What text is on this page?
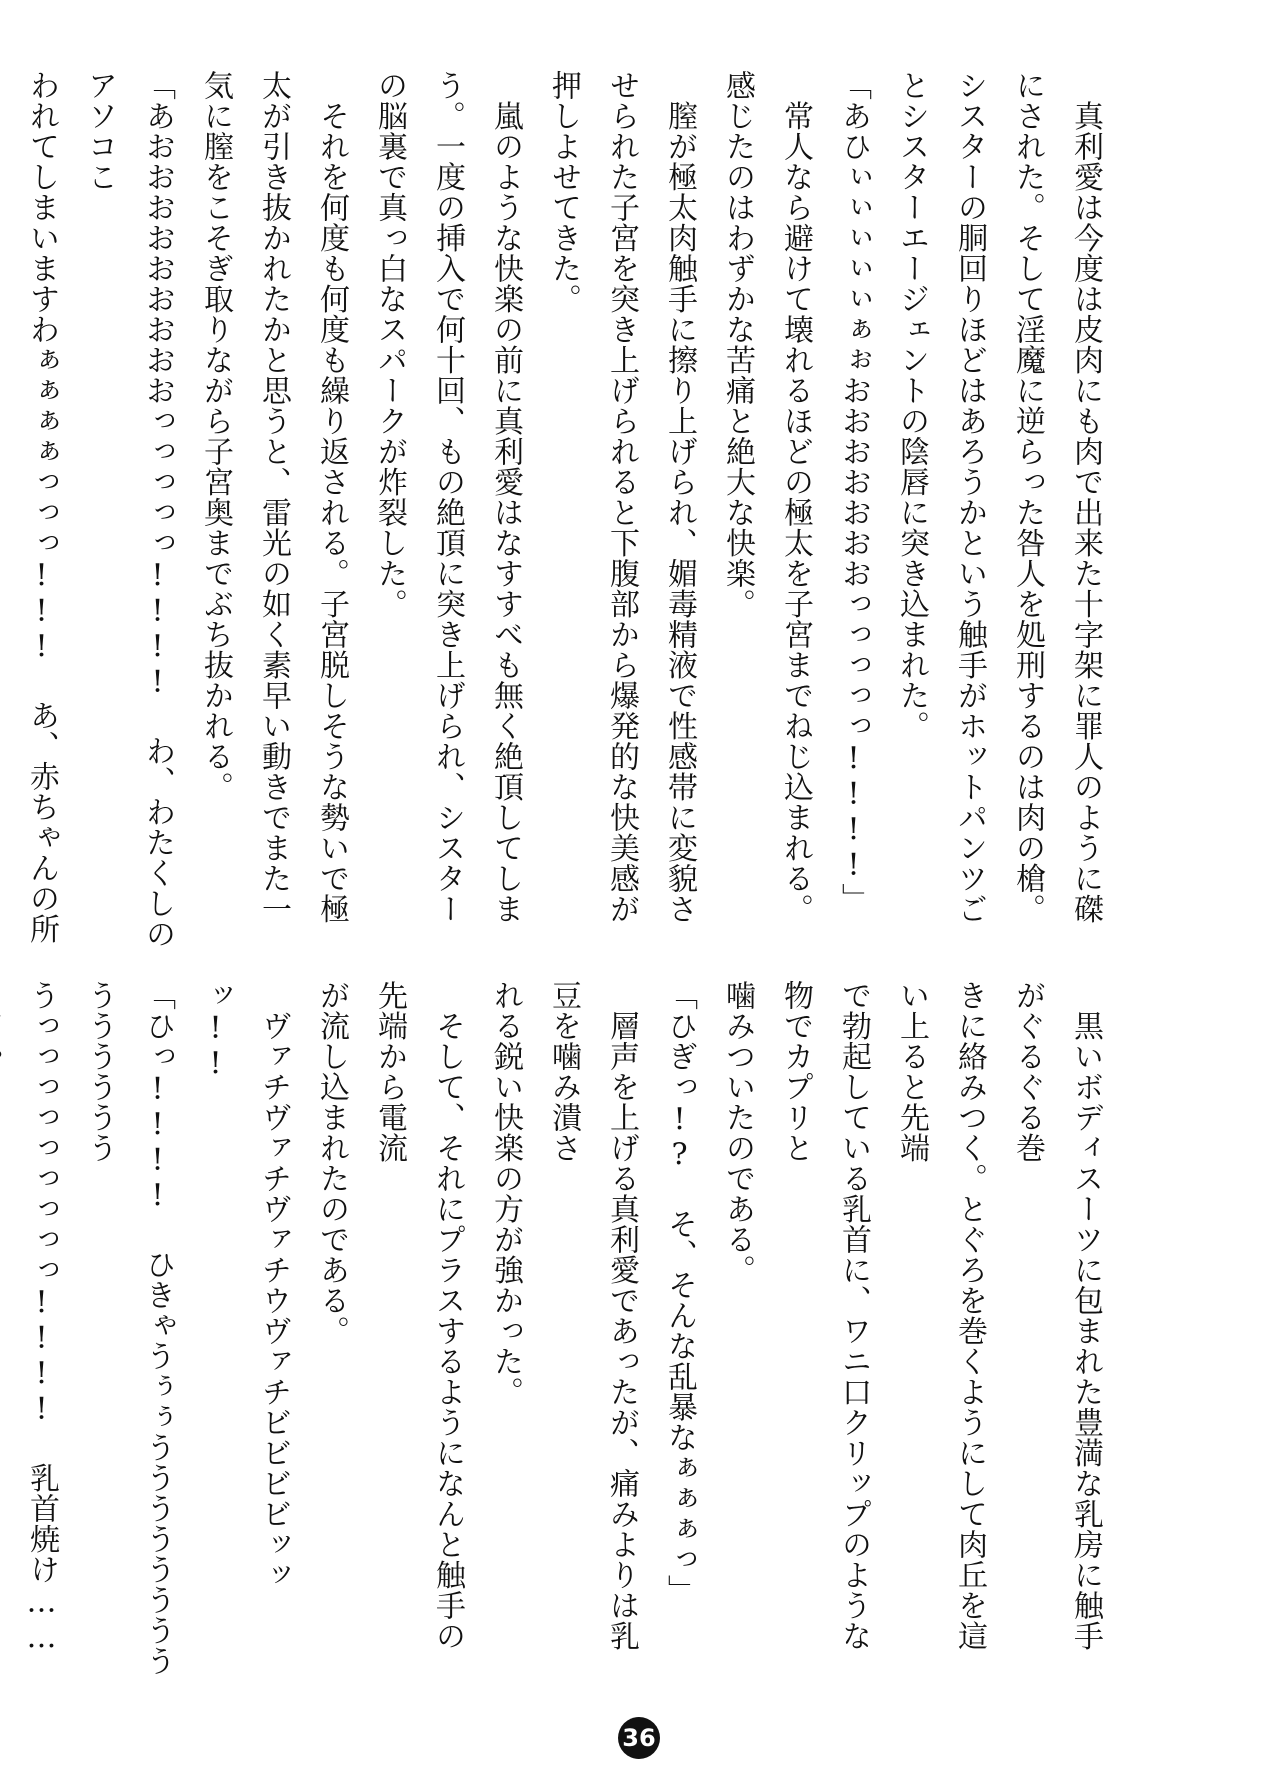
　真利愛は今度は皮肉にも肉で出来た十字架に罪人のように磔
にされた。そして淫魔に逆らった咎人を処刑するのは肉の槍。
シスターの胴回りほどはあろうかという触手がホットパンツご
とシスターエージェントの陰唇に突き込まれた。
「あひぃぃぃぃぃぁぉおおおおおおおっっっっっ!!!!」
　常人なら避けて壊れるほどの極太を子宮までねじ込まれる。
感じたのはわずかな苦痛と絶大な快楽。
　膣が極太肉触手に擦り上げられ、媚毒精液で性感帯に変貌さ
せられた子宮を突き上げられると下腹部から爆発的な快美感が
押しよせてきた。
　嵐のような快楽の前に真利愛はなすすべも無く絶頂してしま
う。一度の挿入で何十回、もの絶頂に突き上げられ、シスター
の脳裏で真っ白なスパークが炸裂した。
　それを何度も何度も繰り返される。子宮脱しそうな勢いで極
太が引き抜かれたかと思うと、雷光の如く素早い動きでまた一
気に膣をこそぎ取りながら子宮奥までぶち抜かれる。
「あおおおおおおおおおっっっっっ!!!! わ、わたくしのアソコこ
われてしまいますわぁぁぁぁっっっ!!! あ、赤ちゃんの所
　黒いボディスーツに包まれた豊満な乳房に触手がぐるぐる巻
きに絡みつく。とぐろを巻くようにして肉丘を這い上ると先端
で勃起している乳首に、ワニ口クリップのような物でカプリと
噛みついたのである。
「ひぎっ!? そ、そんな乱暴なぁぁぁっ」
　層声を上げる真利愛であったが、痛みよりは乳豆を噛み潰さ
れる鋭い快楽の方が強かった。
　そして、それにプラスするようになんと触手の先端から電流
が流し込まれたのである。
　ヴァチヴァチヴァチウヴァチビビビビッッッ!!
「ひっ!!!! ひきゃうぅぅうううううううううううううう
うっっっっっっっっっ!!!! 乳首焼け……
36
